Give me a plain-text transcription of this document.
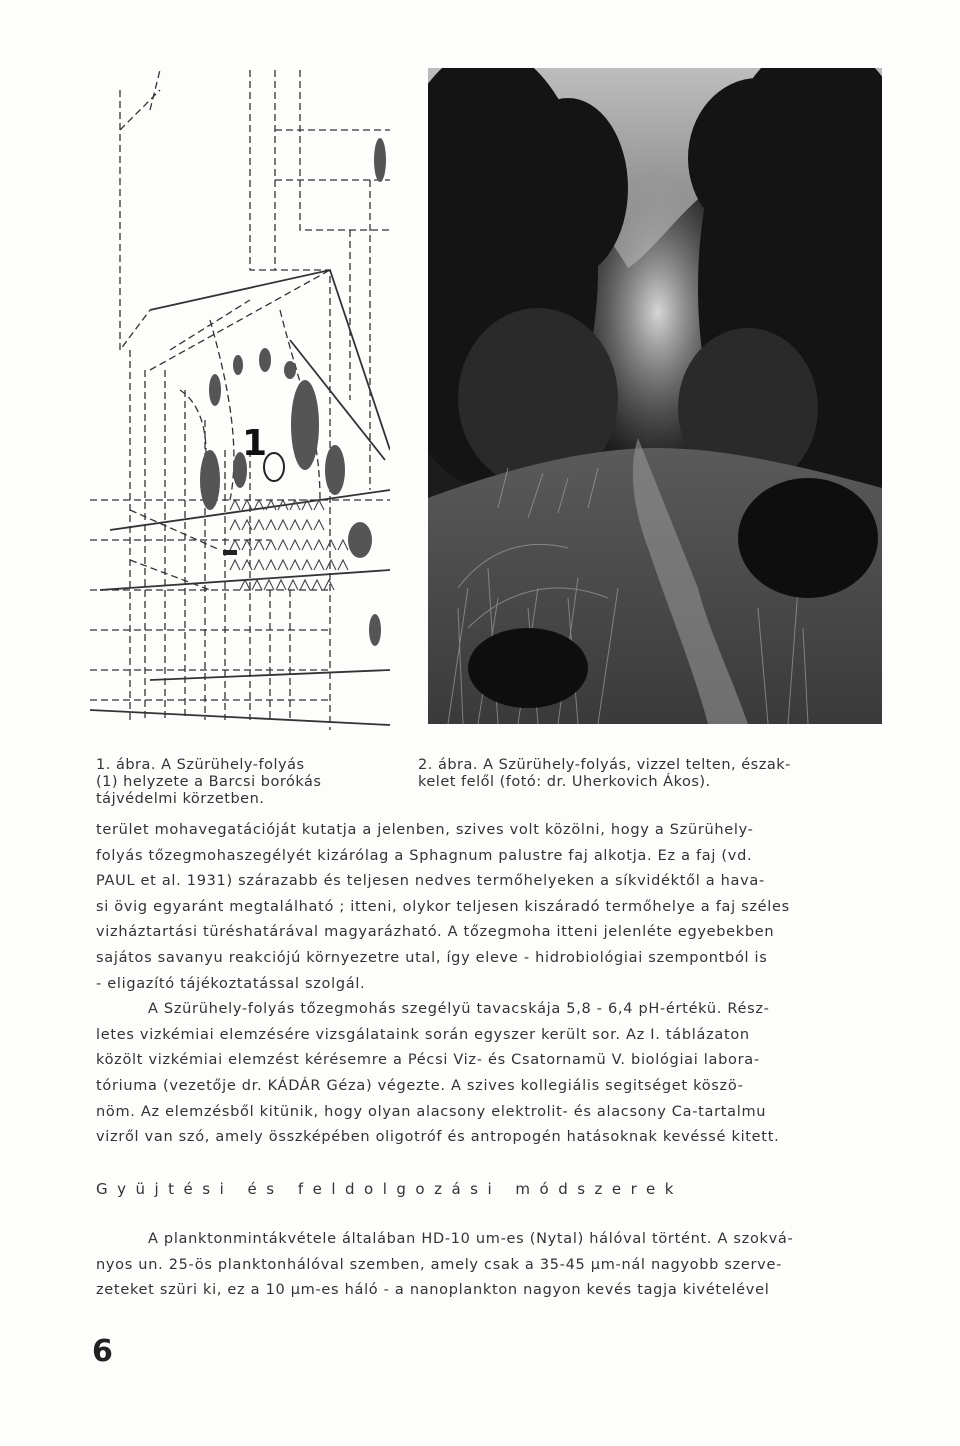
1
1. ábra. A Szürühely-folyás
(1) helyzete a Barcsi borókás
tájvédelmi körzetben.
2. ábra. A Szürühely-folyás, vizzel telten, észak-
kelet felől (fotó: dr. Uherkovich Ákos).
terület mohavegatációját kutatja a jelenben, szives volt közölni, hogy a Szürühely-
folyás tőzegmohaszegélyét kizárólag a Sphagnum palustre faj alkotja. Ez a faj (vd.
PAUL et al. 1931) szárazabb és teljesen nedves termőhelyeken a síkvidéktől a hava-
si övig egyaránt megtalálható ; itteni, olykor teljesen kiszáradó termőhelye a faj széles
vizháztartási türéshatárával magyarázható. A tőzegmoha itteni jelenléte egyebekben
sajátos savanyu reakciójú környezetre utal, így eleve - hidrobiológiai szempontból is
- eligazító tájékoztatással szolgál.
A Szürühely-folyás tőzegmohás szegélyü tavacskája 5,8 - 6,4 pH-értékü. Rész-
letes vizkémiai elemzésére vizsgálataink során egyszer került sor. Az I. táblázaton
közölt vizkémiai elemzést kérésemre a Pécsi Viz- és Csatornamü V. biológiai labora-
tóriuma (vezetője dr. KÁDÁR Géza) végezte. A szives kollegiális segitséget köszö-
nöm. Az elemzésből kitünik, hogy olyan alacsony elektrolit- és alacsony Ca-tartalmu
vizről van szó, amely összképében oligotróf és antropogén hatásoknak kevéssé kitett.
Gyüjtési és feldolgozási módszerek
A planktonmintákvétele általában HD-10 um-es (Nytal) hálóval történt. A szokvá-
nyos un. 25-ös planktonhálóval szemben, amely csak a 35-45 µm-nál nagyobb szerve-
zeteket szüri ki, ez a 10 µm-es háló - a nanoplankton nagyon kevés tagja kivételével
6
